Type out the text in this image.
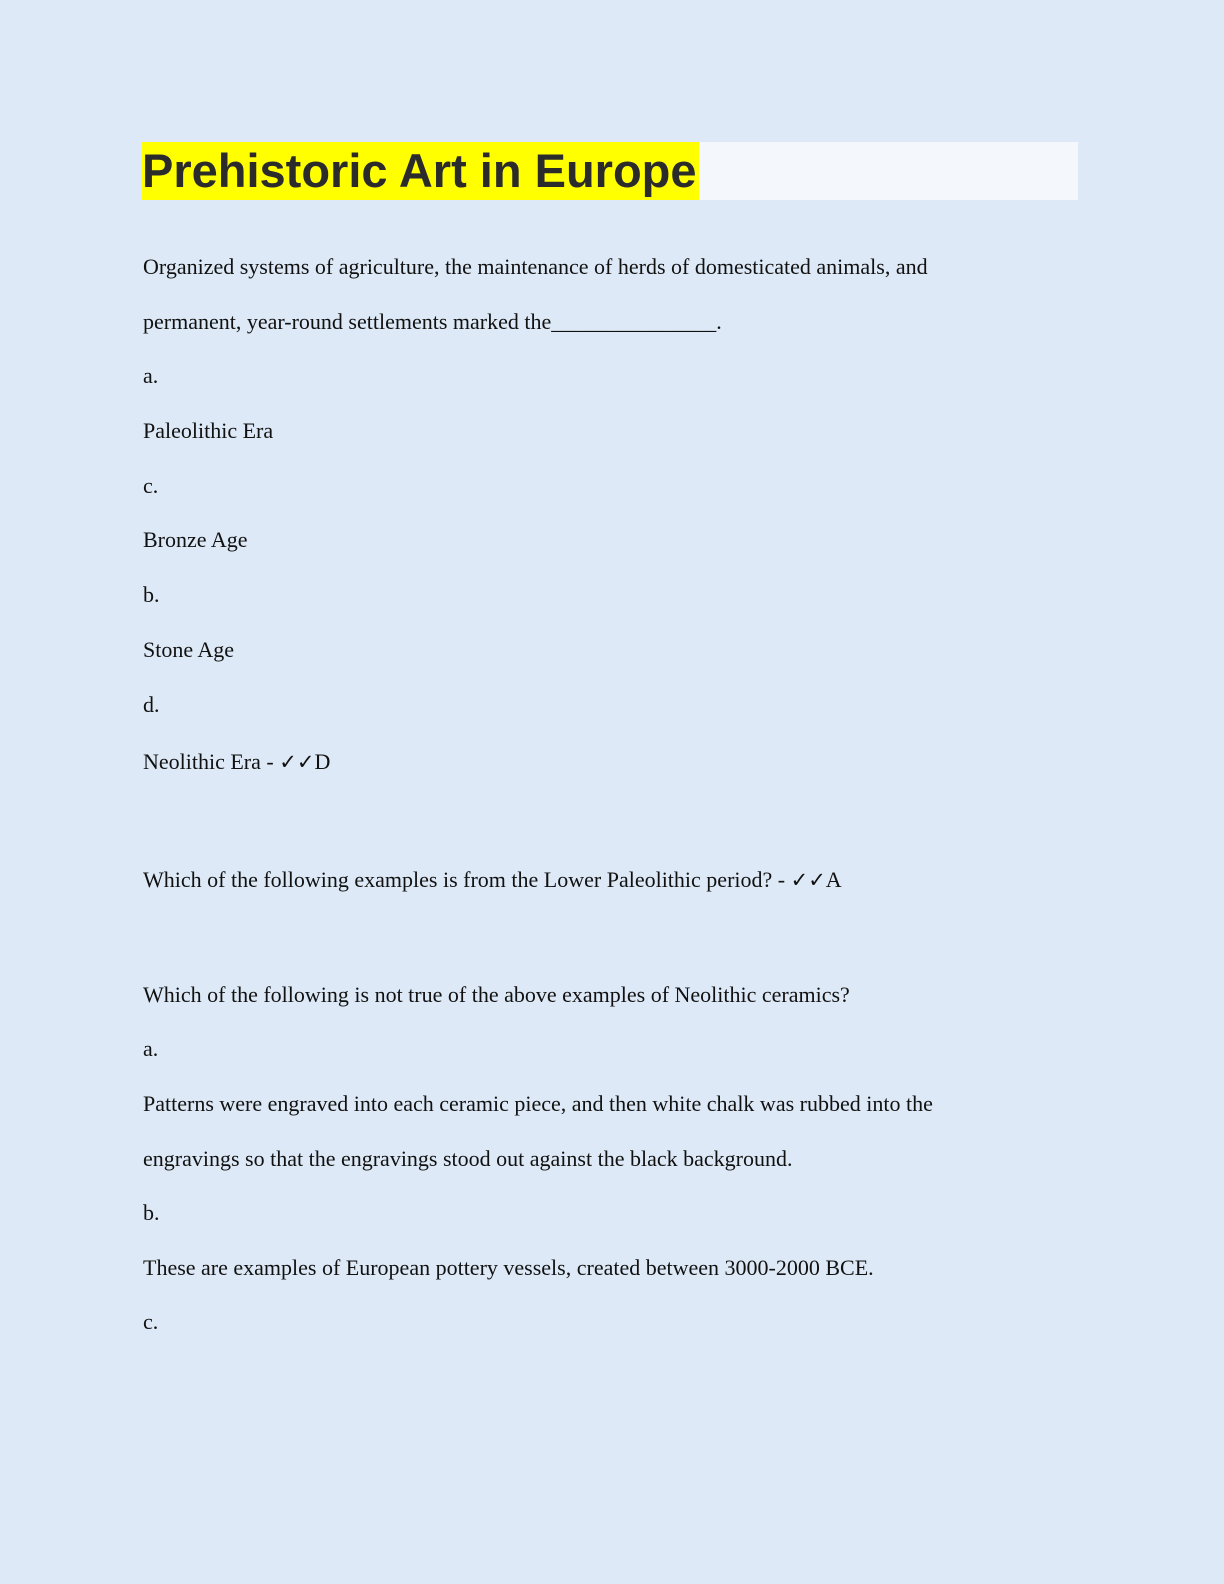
Prehistoric Art in Europe
Organized systems of agriculture, the maintenance of herds of domesticated animals, and
permanent, year-round settlements marked the_______________.
a.
Paleolithic Era
c.
Bronze Age
b.
Stone Age
d.
Neolithic Era - ✓✓D
Which of the following examples is from the Lower Paleolithic period? - ✓✓A
Which of the following is not true of the above examples of Neolithic ceramics?
a.
Patterns were engraved into each ceramic piece, and then white chalk was rubbed into the
engravings so that the engravings stood out against the black background.
b.
These are examples of European pottery vessels, created between 3000-2000 BCE.
c.
